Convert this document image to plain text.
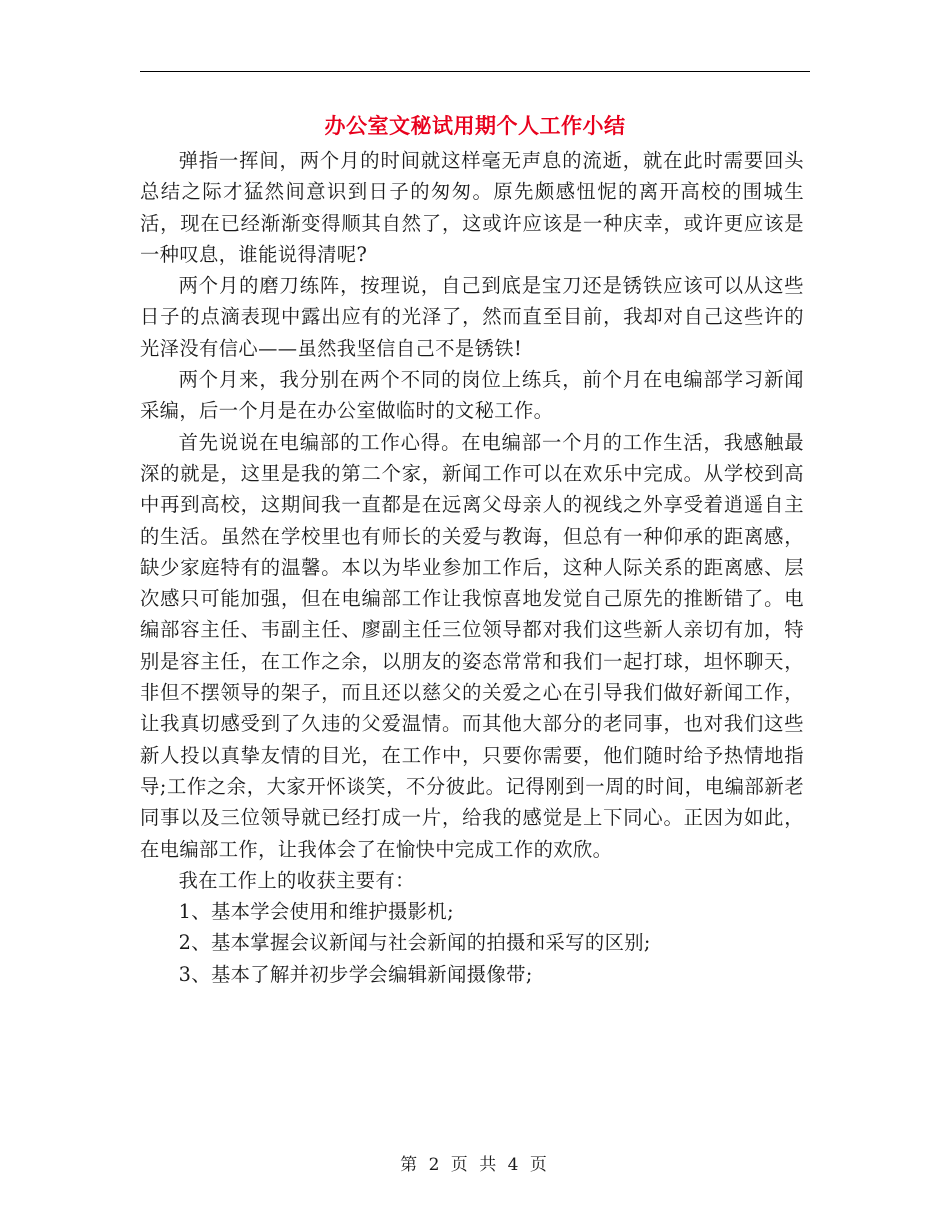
办公室文秘试用期个人工作小结

弹指一挥间，两个月的时间就这样毫无声息的流逝，就在此时需要回头总结之际才猛然间意识到日子的匆匆。原先颇感忸怩的离开高校的围城生活，现在已经渐渐变得顺其自然了，这或许应该是一种庆幸，或许更应该是一种叹息，谁能说得清呢?

两个月的磨刀练阵，按理说，自己到底是宝刀还是锈铁应该可以从这些日子的点滴表现中露出应有的光泽了，然而直至目前，我却对自己这些许的光泽没有信心——虽然我坚信自己不是锈铁!

两个月来，我分别在两个不同的岗位上练兵，前个月在电编部学习新闻采编，后一个月是在办公室做临时的文秘工作。

首先说说在电编部的工作心得。在电编部一个月的工作生活，我感触最深的就是，这里是我的第二个家，新闻工作可以在欢乐中完成。从学校到高中再到高校，这期间我一直都是在远离父母亲人的视线之外享受着逍遥自主的生活。虽然在学校里也有师长的关爱与教诲，但总有一种仰承的距离感，缺少家庭特有的温馨。本以为毕业参加工作后，这种人际关系的距离感、层次感只可能加强，但在电编部工作让我惊喜地发觉自己原先的推断错了。电编部容主任、韦副主任、廖副主任三位领导都对我们这些新人亲切有加，特别是容主任，在工作之余，以朋友的姿态常常和我们一起打球，坦怀聊天，非但不摆领导的架子，而且还以慈父的关爱之心在引导我们做好新闻工作，让我真切感受到了久违的父爱温情。而其他大部分的老同事，也对我们这些新人投以真挚友情的目光，在工作中，只要你需要，他们随时给予热情地指导;工作之余，大家开怀谈笑，不分彼此。记得刚到一周的时间，电编部新老同事以及三位领导就已经打成一片，给我的感觉是上下同心。正因为如此，在电编部工作，让我体会了在愉快中完成工作的欢欣。

我在工作上的收获主要有：

1、基本学会使用和维护摄影机;

2、基本掌握会议新闻与社会新闻的拍摄和采写的区别;

3、基本了解并初步学会编辑新闻摄像带;

第 2 页 共 4 页
